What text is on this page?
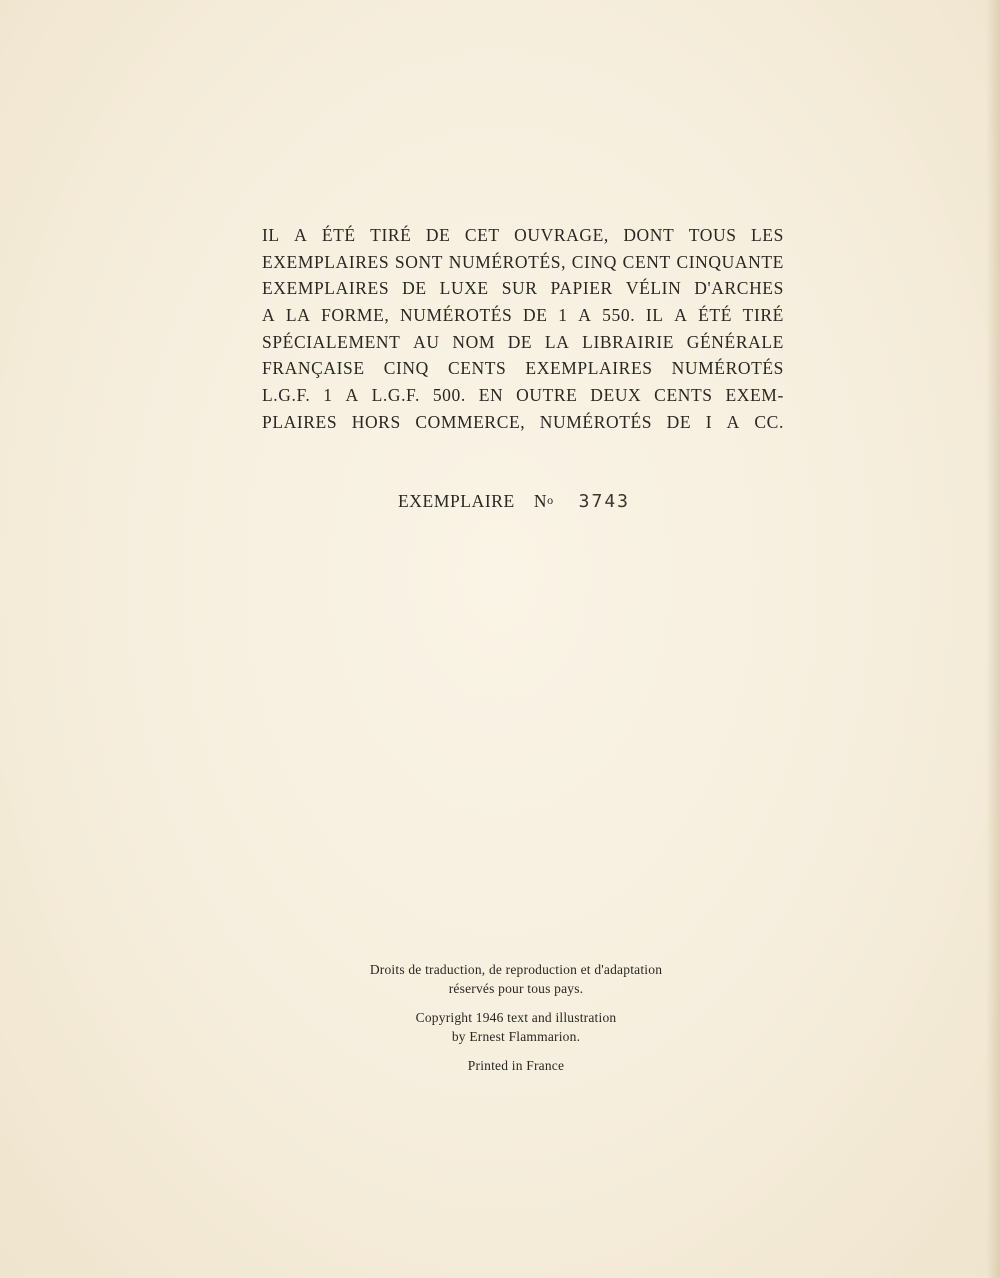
IL A ÉTÉ TIRÉ DE CET OUVRAGE, DONT TOUS LES
EXEMPLAIRES SONT NUMÉROTÉS, CINQ CENT CINQUANTE
EXEMPLAIRES DE LUXE SUR PAPIER VÉLIN D'ARCHES
A LA FORME, NUMÉROTÉS DE 1 A 550. IL A ÉTÉ TIRÉ
SPÉCIALEMENT AU NOM DE LA LIBRAIRIE GÉNÉRALE
FRANÇAISE CINQ CENTS EXEMPLAIRES NUMÉROTÉS
L.G.F. 1 A L.G.F. 500. EN OUTRE DEUX CENTS EXEM-
PLAIRES HORS COMMERCE, NUMÉROTÉS DE I A CC.
EXEMPLAIRE $N^o$ 3743

Droits de traduction, de reproduction et d'adaptation

réservés pour tous pays.

Copyright 1946 text and illustration

by Ernest Flammarion.

Printed in France
